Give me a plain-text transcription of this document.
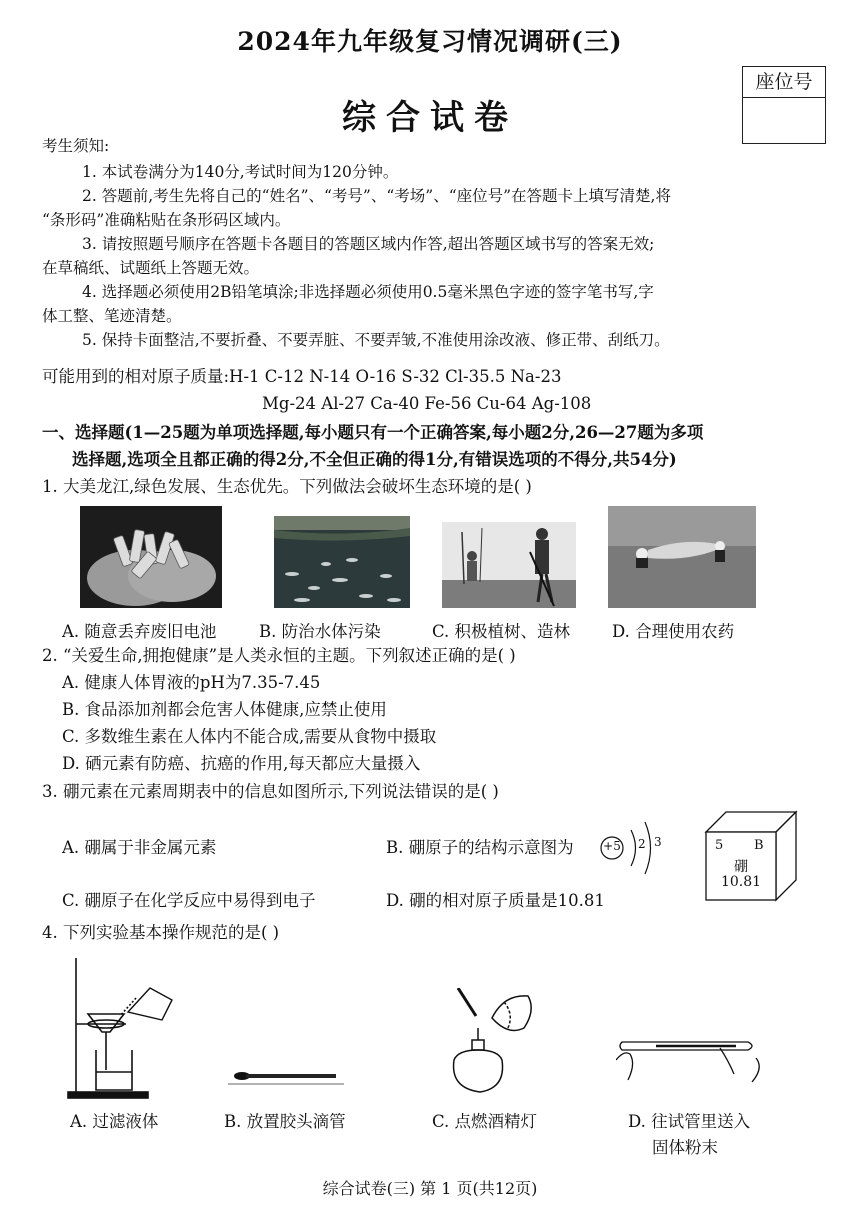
2024年九年级复习情况调研(三)
综合试卷
座位号
考生须知:
1. 本试卷满分为140分,考试时间为120分钟。
2. 答题前,考生先将自己的“姓名”、“考号”、“考场”、“座位号”在答题卡上填写清楚,将
“条形码”准确粘贴在条形码区域内。
3. 请按照题号顺序在答题卡各题目的答题区域内作答,超出答题区域书写的答案无效;
在草稿纸、试题纸上答题无效。
4. 选择题必须使用2B铅笔填涂;非选择题必须使用0.5毫米黑色字迹的签字笔书写,字
体工整、笔迹清楚。
5. 保持卡面整洁,不要折叠、不要弄脏、不要弄皱,不准使用涂改液、修正带、刮纸刀。
可能用到的相对原子质量:H-1 C-12 N-14 O-16 S-32 Cl-35.5 Na-23
Mg-24 Al-27 Ca-40 Fe-56 Cu-64 Ag-108
一、选择题(1—25题为单项选择题,每小题只有一个正确答案,每小题2分,26—27题为多项
选择题,选项全且都正确的得2分,不全但正确的得1分,有错误选项的不得分,共54分)
1. 大美龙江,绿色发展、生态优先。下列做法会破坏生态环境的是( )
A. 随意丢弃废旧电池	B. 防治水体污染	C. 积极植树、造林	D. 合理使用农药
2. “关爱生命,拥抱健康”是人类永恒的主题。下列叙述正确的是( )
A. 健康人体胃液的pH为7.35-7.45
B. 食品添加剂都会危害人体健康,应禁止使用
C. 多数维生素在人体内不能合成,需要从食物中摄取
D. 硒元素有防癌、抗癌的作用,每天都应大量摄入
3. 硼元素在元素周期表中的信息如图所示,下列说法错误的是( )
A. 硼属于非金属元素	B. 硼原子的结构示意图为 +5 2 3	5 B
硼
10.81
C. 硼原子在化学反应中易得到电子	D. 硼的相对原子质量是10.81
4. 下列实验基本操作规范的是( )
A. 过滤液体	B. 放置胶头滴管	C. 点燃酒精灯	D. 往试管里送入
固体粉末
综合试卷(三) 第 1 页(共12页)
